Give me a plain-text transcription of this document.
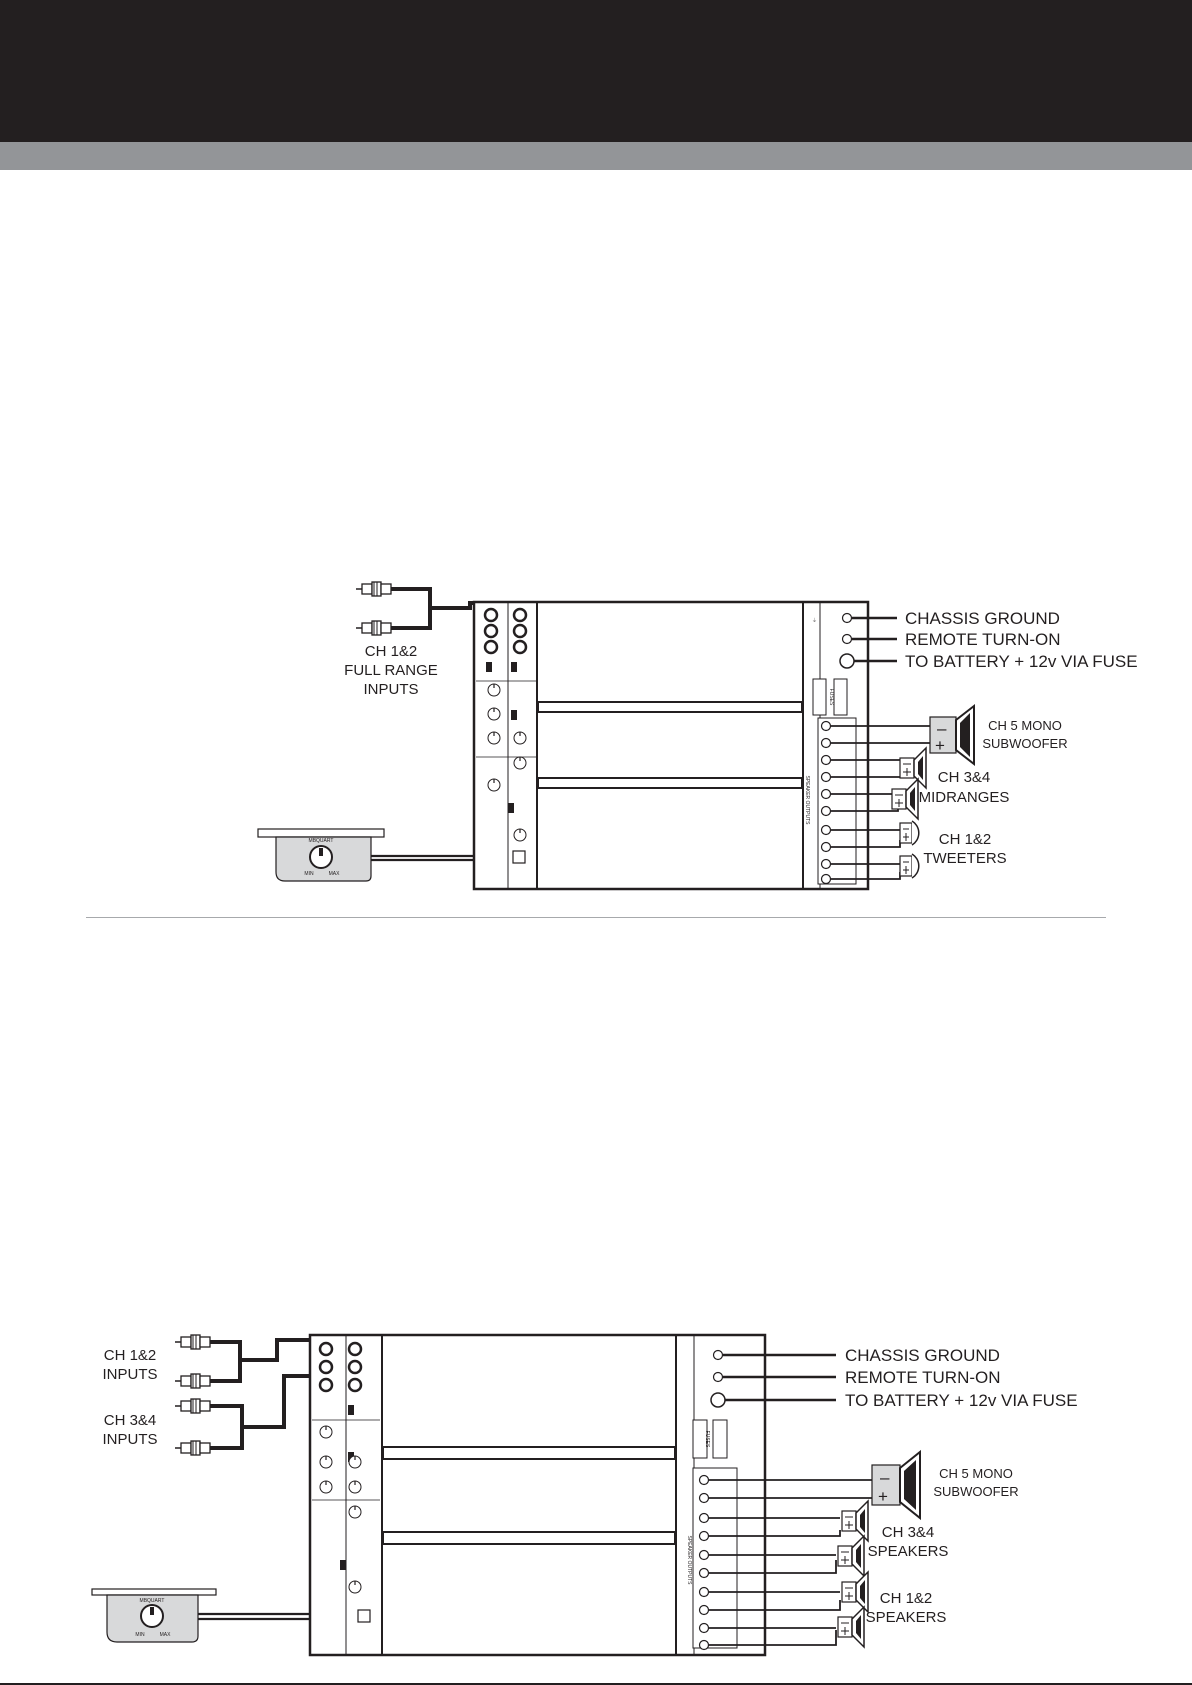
CH 1&2
FULL RANGE
INPUTS
MBQUART
MIN	MAX
⏚
SPEAKER OUTPUTS
FUSES
CHASSIS GROUND
REMOTE TURN-ON
TO BATTERY + 12v VIA FUSE
–
+
CH 5 MONO
SUBWOOFER
CH 3&4
MIDRANGES
CH 1&2
TWEETERS
CH 1&2
INPUTS
CH 3&4
INPUTS
MBQUART
MIN	MAX
SPEAKER OUTPUTS
FUSES
CHASSIS GROUND
REMOTE TURN-ON
TO BATTERY + 12v VIA FUSE
–
+
CH 5 MONO
SUBWOOFER
CH 3&4
SPEAKERS
CH 1&2
SPEAKERS
